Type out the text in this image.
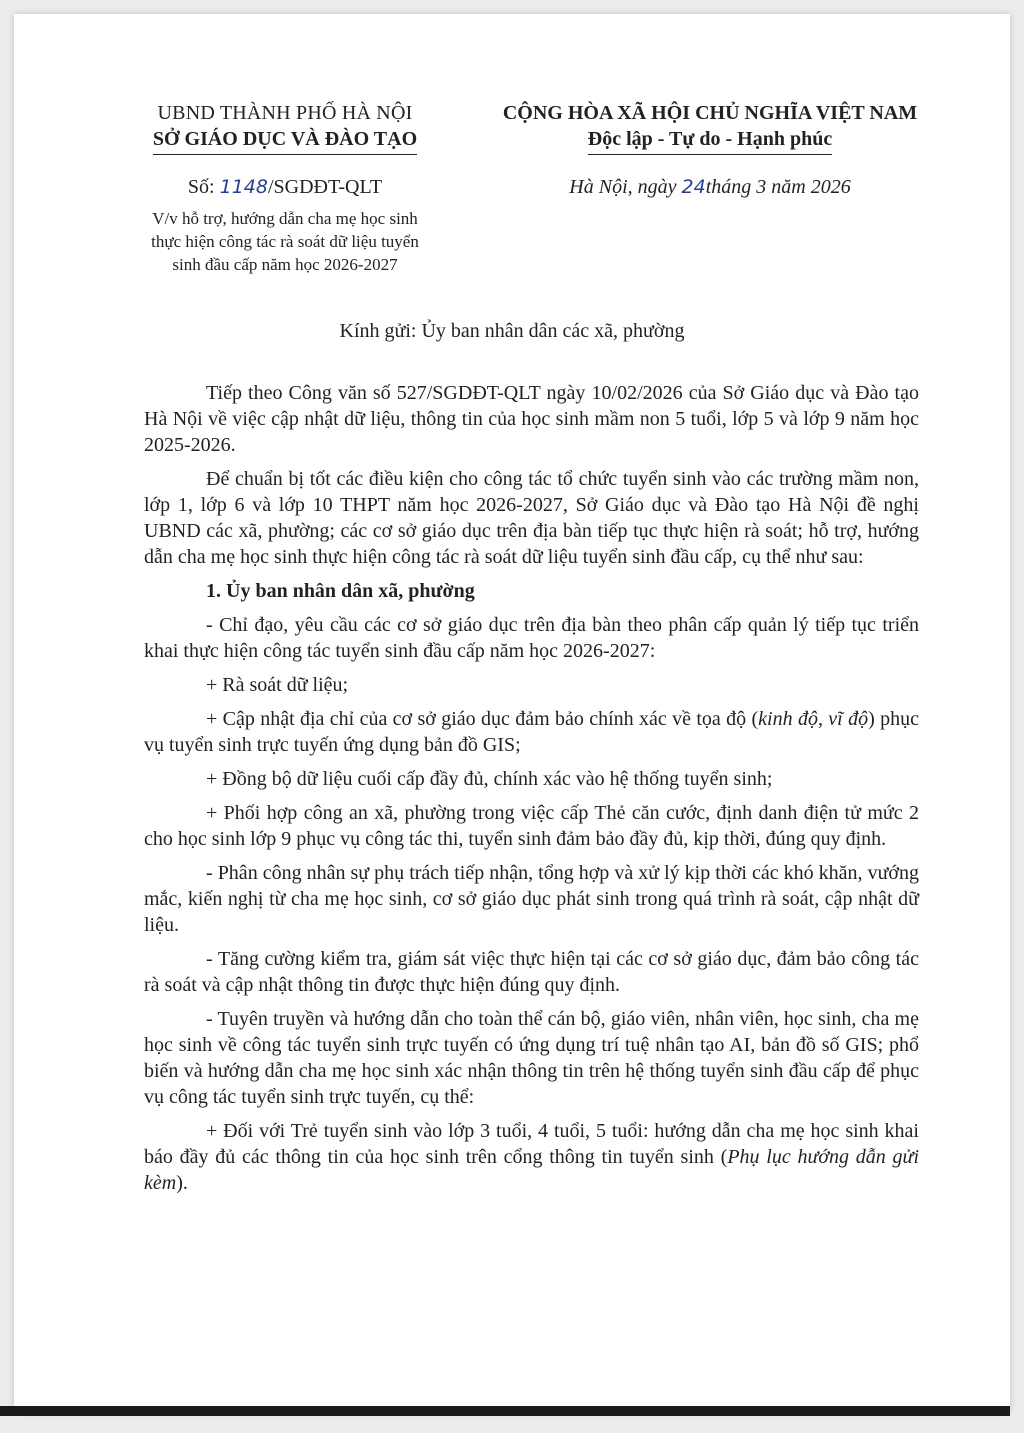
UBND THÀNH PHỐ HÀ NỘI
SỞ GIÁO DỤC VÀ ĐÀO TẠO
Số: 1148/SGDĐT-QLT
V/v hỗ trợ, hướng dẫn cha mẹ học sinh
thực hiện công tác rà soát dữ liệu tuyển
sinh đầu cấp năm học 2026-2027
CỘNG HÒA XÃ HỘI CHỦ NGHĨA VIỆT NAM
Độc lập - Tự do - Hạnh phúc
Hà Nội, ngày 24tháng 3 năm 2026
Kính gửi: Ủy ban nhân dân các xã, phường

Tiếp theo Công văn số 527/SGDĐT-QLT ngày 10/02/2026 của Sở Giáo dục và Đào tạo Hà Nội về việc cập nhật dữ liệu, thông tin của học sinh mầm non 5 tuổi, lớp 5 và lớp 9 năm học 2025-2026.

Để chuẩn bị tốt các điều kiện cho công tác tổ chức tuyển sinh vào các trường mầm non, lớp 1, lớp 6 và lớp 10 THPT năm học 2026-2027, Sở Giáo dục và Đào tạo Hà Nội đề nghị UBND các xã, phường; các cơ sở giáo dục trên địa bàn tiếp tục thực hiện rà soát; hỗ trợ, hướng dẫn cha mẹ học sinh thực hiện công tác rà soát dữ liệu tuyển sinh đầu cấp, cụ thể như sau:

1. Ủy ban nhân dân xã, phường

- Chỉ đạo, yêu cầu các cơ sở giáo dục trên địa bàn theo phân cấp quản lý tiếp tục triển khai thực hiện công tác tuyển sinh đầu cấp năm học 2026-2027:

+ Rà soát dữ liệu;

+ Cập nhật địa chỉ của cơ sở giáo dục đảm bảo chính xác về tọa độ (kinh độ, vĩ độ) phục vụ tuyển sinh trực tuyến ứng dụng bản đồ GIS;

+ Đồng bộ dữ liệu cuối cấp đầy đủ, chính xác vào hệ thống tuyển sinh;

+ Phối hợp công an xã, phường trong việc cấp Thẻ căn cước, định danh điện tử mức 2 cho học sinh lớp 9 phục vụ công tác thi, tuyển sinh đảm bảo đầy đủ, kịp thời, đúng quy định.

- Phân công nhân sự phụ trách tiếp nhận, tổng hợp và xử lý kịp thời các khó khăn, vướng mắc, kiến nghị từ cha mẹ học sinh, cơ sở giáo dục phát sinh trong quá trình rà soát, cập nhật dữ liệu.

- Tăng cường kiểm tra, giám sát việc thực hiện tại các cơ sở giáo dục, đảm bảo công tác rà soát và cập nhật thông tin được thực hiện đúng quy định.

- Tuyên truyền và hướng dẫn cho toàn thể cán bộ, giáo viên, nhân viên, học sinh, cha mẹ học sinh về công tác tuyển sinh trực tuyến có ứng dụng trí tuệ nhân tạo AI, bản đồ số GIS; phổ biến và hướng dẫn cha mẹ học sinh xác nhận thông tin trên hệ thống tuyển sinh đầu cấp để phục vụ công tác tuyển sinh trực tuyến, cụ thể:

+ Đối với Trẻ tuyển sinh vào lớp 3 tuổi, 4 tuổi, 5 tuổi: hướng dẫn cha mẹ học sinh khai báo đầy đủ các thông tin của học sinh trên cổng thông tin tuyển sinh (Phụ lục hướng dẫn gửi kèm).
